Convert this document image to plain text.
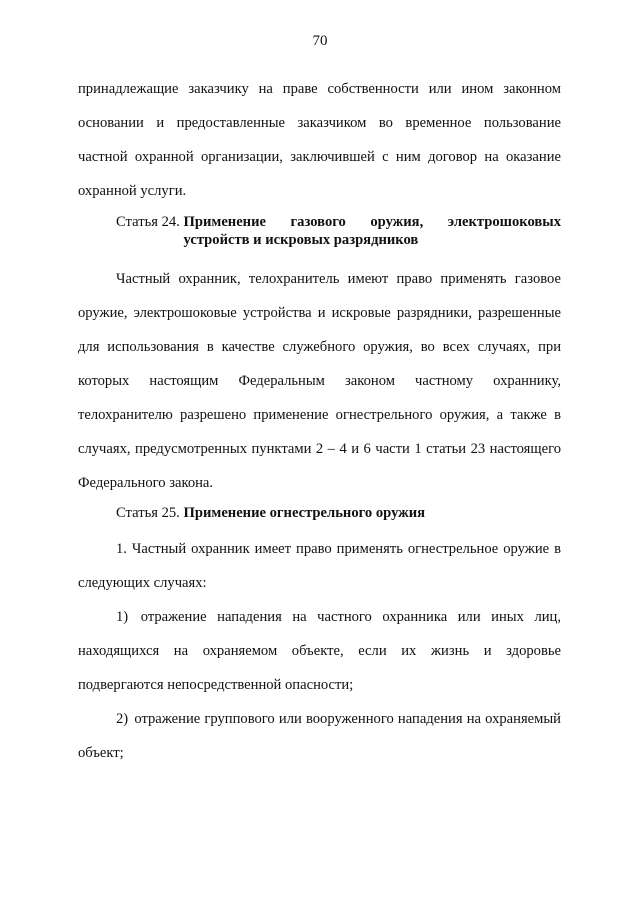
70

принадлежащие заказчику на праве собственности или ином законном основании и предоставленные заказчиком во временное пользование частной охранной организации, заключившей с ним договор на оказание охранной услуги.

Статья 24. Применение газового оружия, электрошоковых устройств и искровых разрядников

Частный охранник, телохранитель имеют право применять газовое оружие, электрошоковые устройства и искровые разрядники, разрешенные для использования в качестве служебного оружия, во всех случаях, при которых настоящим Федеральным законом частному охраннику, телохранителю разрешено применение огнестрельного оружия, а также в случаях, предусмотренных пунктами 2 – 4 и 6 части 1 статьи 23 настоящего Федерального закона.

Статья 25. Применение огнестрельного оружия

1. Частный охранник имеет право применять огнестрельное оружие в следующих случаях:

1) отражение нападения на частного охранника или иных лиц, находящихся на охраняемом объекте, если их жизнь и здоровье подвергаются непосредственной опасности;

2) отражение группового или вооруженного нападения на охраняемый объект;
